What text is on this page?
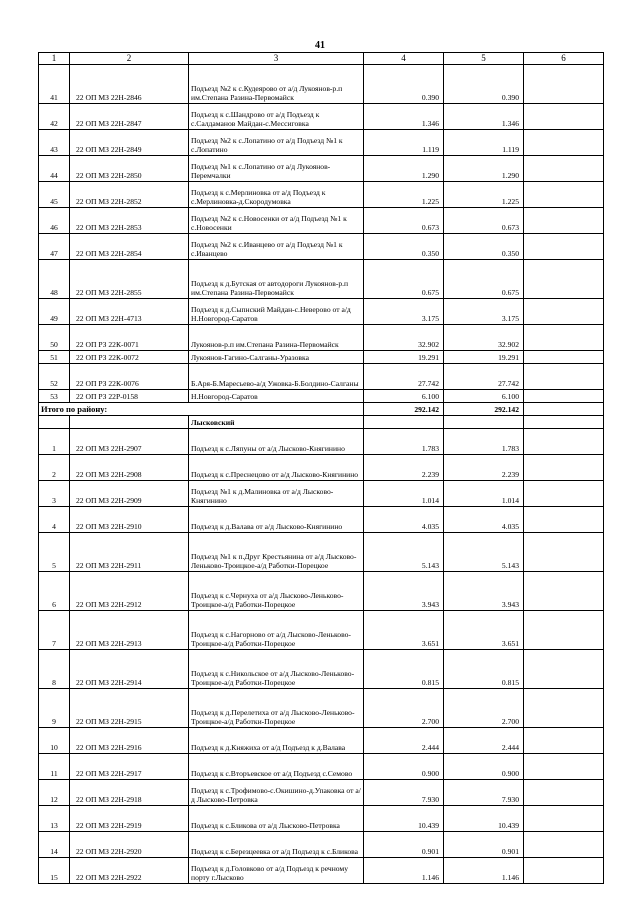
41
1	2	3	4	5	6
41	22 ОП МЗ 22Н-2846	Подъезд №2 к с.Кудеярово от а/д Лукоянов-р.п им.Степана Разина-Первомайск	0.390	0.390	
42	22 ОП МЗ 22Н-2847	Подъезд к с.Шандрово от а/д Подъезд к с.Салдаманов Майдан-с.Мессиговка	1.346	1.346	
43	22 ОП МЗ 22Н-2849	Подъезд №2 к с.Лопатино от а/д Подъезд №1 к с.Лопатино	1.119	1.119	
44	22 ОП МЗ 22Н-2850	Подъезд №1 к с.Лопатино от а/д Лукоянов-Перемчалки	1.290	1.290	
45	22 ОП МЗ 22Н-2852	Подъезд к с.Мерлиновка от а/д Подъезд к с.Мерлиновка-д.Скородумовка	1.225	1.225	
46	22 ОП МЗ 22Н-2853	Подъезд №2 к с.Новосенки от а/д Подъезд №1 к с.Новосенки	0.673	0.673	
47	22 ОП МЗ 22Н-2854	Подъезд №2 к с.Иванцево от а/д Подъезд №1 к с.Иванцево	0.350	0.350	
48	22 ОП МЗ 22Н-2855	Подъезд к д.Бутская от автодороги Лукоянов-р.п им.Степана Разина-Первомайск	0.675	0.675	
49	22 ОП МЗ 22Н-4713	Подъезд к д.Сыпнский Майдан-с.Неверово от а/д Н.Новгород-Саратов	3.175	3.175	
50	22 ОП РЗ 22К-0071	Лукоянов-р.п им.Степана Разина-Первомайск	32.902	32.902	
51	22 ОП РЗ 22К-0072	Лукоянов-Гагино-Салганы-Уразовка	19.291	19.291	
52	22 ОП РЗ 22К-0076	Б.Аря-Б.Маресьево-а/д Ужовка-Б.Болдино-Салганы	27.742	27.742	
53	22 ОП РЗ 22Р-0158	Н.Новгород-Саратов	6.100	6.100	
Итого по району:			292.142	292.142	
		Лысковский			
1	22 ОП МЗ 22Н-2907	Подъезд к с.Ляпуны от а/д Лысково-Княгинино	1.783	1.783	
2	22 ОП МЗ 22Н-2908	Подъезд к с.Преснецово от а/д Лысково-Княгинино	2.239	2.239	
3	22 ОП МЗ 22Н-2909	Подъезд №1 к д.Малиновка от а/д Лысково-Княгинино	1.014	1.014	
4	22 ОП МЗ 22Н-2910	Подъезд к д.Валава от а/д Лысково-Княгинино	4.035	4.035	
5	22 ОП МЗ 22Н-2911	Подъезд №1 к п.Друг Крестьянина от а/д Лысково-Леньково-Троицкое-а/д Работки-Порецкое	5.143	5.143	
6	22 ОП МЗ 22Н-2912	Подъезд к с.Чернуха от а/д Лысково-Леньково-Троицкое-а/д Работки-Порецкое	3.943	3.943	
7	22 ОП МЗ 22Н-2913	Подъезд к с.Нагорново от а/д Лысково-Леньково-Троицкое-а/д Работки-Порецкое	3.651	3.651	
8	22 ОП МЗ 22Н-2914	Подъезд к с.Никольское от а/д Лысково-Леньково-Троицкое-а/д Работки-Порецкое	0.815	0.815	
9	22 ОП МЗ 22Н-2915	Подъезд к д.Перелетиха от а/д Лысково-Леньково-Троицкое-а/д Работки-Порецкое	2.700	2.700	
10	22 ОП МЗ 22Н-2916	Подъезд к д.Княжиха от а/д Подъезд к д.Валава	2.444	2.444	
11	22 ОП МЗ 22Н-2917	Подъезд к с.Вторъевское от а/д Подъезд с.Семово	0.900	0.900	
12	22 ОП МЗ 22Н-2918	Подъезд к с.Трофимово-с.Окишино-д.Упаковка от а/д Лысково-Петровка	7.930	7.930	
13	22 ОП МЗ 22Н-2919	Подъезд к с.Бликова от а/д Лысково-Петровка	10.439	10.439	
14	22 ОП МЗ 22Н-2920	Подъезд к с.Березцеевка от а/д Подъезд к с.Бликова	0.901	0.901	
15	22 ОП МЗ 22Н-2922	Подъезд к д.Головково от а/д Подъезд к речному порту г.Лысково	1.146	1.146	
